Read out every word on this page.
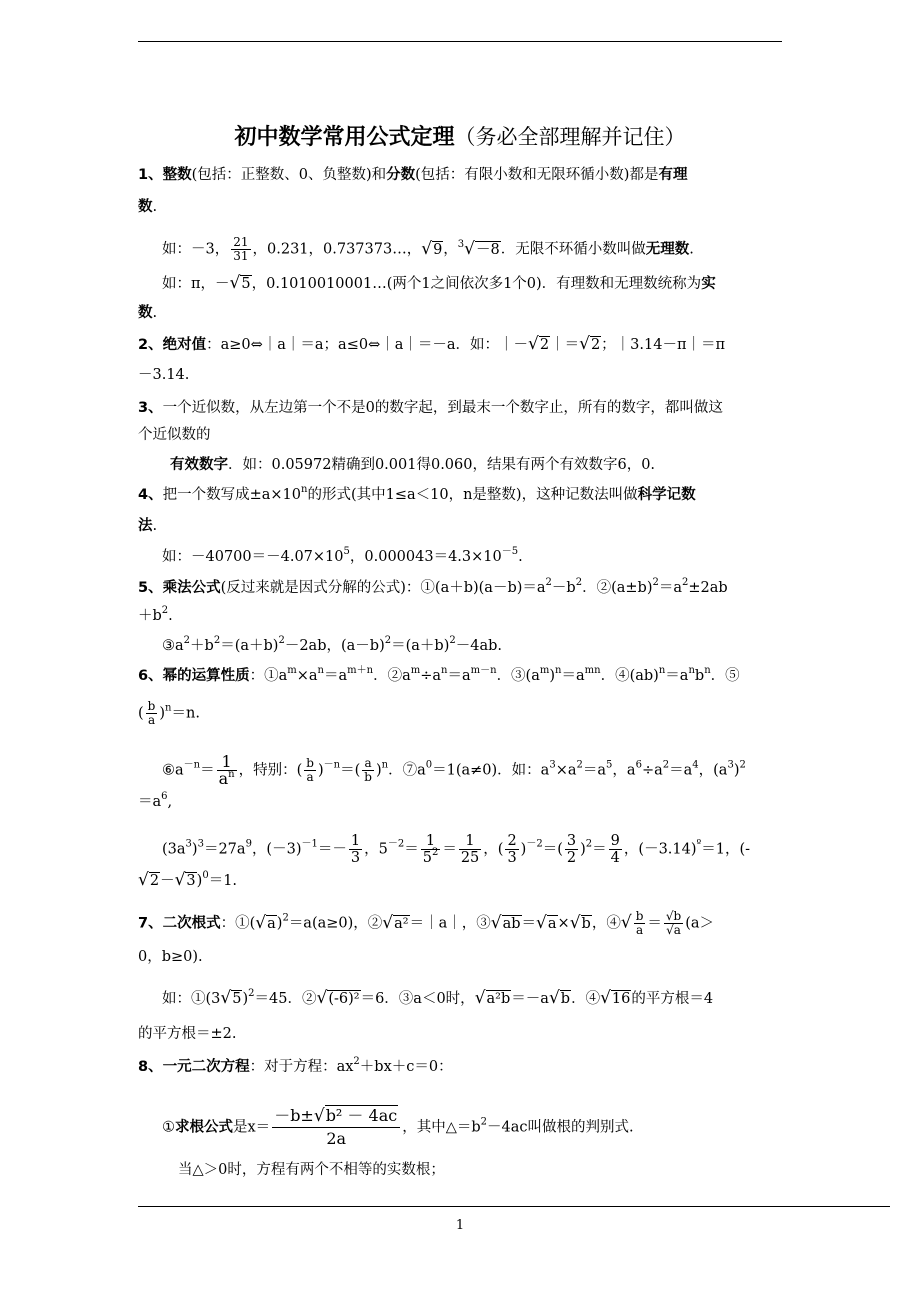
初中数学常用公式定理（务必全部理解并记住）
1、整数(包括：正整数、0、负整数)和分数(包括：有限小数和无限环循小数)都是有理
数.
如：－3， $\frac{21}{31}$ ，0.231，0.737373…，√9，$^3$√－8．无限不环循小数叫做无理数.
如：π，－√5，0.1010010001…(两个1之间依次多1个0)．有理数和无理数统称为实
数.
2、绝对值：a≥0⇔｜a｜＝a；a≤0⇔｜a｜＝－a．如：｜－√2｜＝√2；｜3.14－π｜＝π
－3.14.
3、一个近似数，从左边第一个不是0的数字起，到最末一个数字止，所有的数字，都叫做这
个近似数的
有效数字．如：0.05972精确到0.001得0.060，结果有两个有效数字6，0.
4、把一个数写成$\pm a\times 10^n$的形式(其中1≤a＜10，n是整数)，这种记数法叫做科学记数
法.
如：$-40700=-4.07\times 10^5$，$0.000043=4.3\times 10^{-5}$.
5、乘法公式(反过来就是因式分解的公式)：$①(a+b)(a-b)=a^2-b^2$．$②(a\pm b)^2=a^2\pm 2ab$
$+b^2$.
$③a^2+b^2=(a+b)^2-2ab$，$(a-b)^2=(a+b)^2-4ab$.
6、幂的运算性质：$①a^m\times a^n=a^{m+n}$．$②a^m\div a^n=a^{m-n}$．$③(a^m)^n=a^{mn}$．$④(ab)^n=a^nb^n$．⑤
( $\frac{b}{a} )^n=n$.
$⑥a^{-n}= \frac{1}{a^n}$ ，特别：( $\frac{b}{a} )^{-n}=( \frac{a}{b} )^n$．$⑦a^0=1(a\ne 0)$．如：$a^3\times a^2=a^5$，$a^6\div a^2=a^4$，$(a^3)^2$
$=a^6$,
$(3a^3)^3=27a^9$，$(-3)^{-1}=- \frac{1}{3}$ ，$5^{-2}= \frac{1}{5^2} = \frac{1}{25}$ ，( $\frac{2}{3} )^{-2}=( \frac{3}{2} )^2= \frac{9}{4}$ ，$(-3.14)^º=1$，(-
√2－√3)$^0$＝1.
7、二次根式：$①(√a)^2=a(a\ge 0)$，②√a²＝｜a｜，③√ab＝√a×√b，④√ $\frac{b}{a} = \frac{√b}{√a} (a>$
0，b≥0).
如：$①(3√5)^2=45$．②√(-6)²＝6．③a＜0时，√a²b＝－a√b．④√16的平方根＝4
的平方根＝±2.
8、一元二次方程：对于方程：$ax^2+bx+c=0$：
①求根公式是$x= \frac{\text{－b±√b² － 4ac}}{2a}$ ，其中$\triangle=b^2-4ac$叫做根的判别式.
当△＞0时，方程有两个不相等的实数根；
1
